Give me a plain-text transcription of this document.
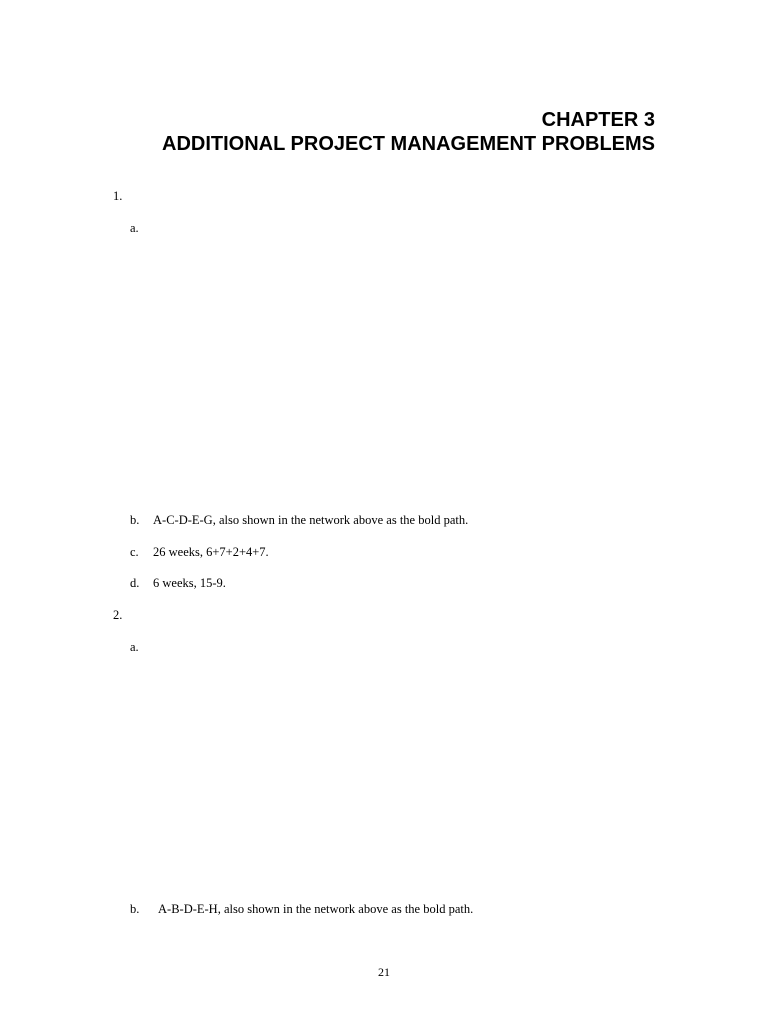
CHAPTER 3
ADDITIONAL PROJECT MANAGEMENT PROBLEMS
1.
a.
b. A-C-D-E-G, also shown in the network above as the bold path.
c. 26 weeks, 6+7+2+4+7.
d. 6 weeks, 15-9.
2.
a.
b. A-B-D-E-H, also shown in the network above as the bold path.
21
